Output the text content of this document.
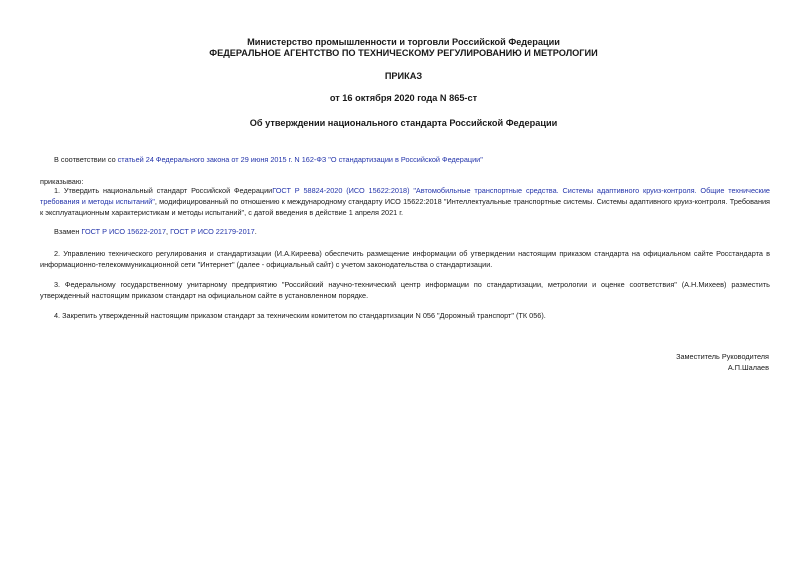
Министерство промышленности и торговли Российской Федерации
ФЕДЕРАЛЬНОЕ АГЕНТСТВО ПО ТЕХНИЧЕСКОМУ РЕГУЛИРОВАНИЮ И МЕТРОЛОГИИ
ПРИКАЗ
от 16 октября 2020 года N 865-ст
Об утверждении национального стандарта Российской Федерации
В соответствии со статьей 24 Федерального закона от 29 июня 2015 г. N 162-ФЗ "О стандартизации в Российской Федерации"
приказываю:
1. Утвердить национальный стандарт Российской ФедерацииГОСТ Р 58824-2020 (ИСО 15622:2018) "Автомобильные транспортные средства. Системы адаптивного круиз-контроля. Общие технические требования и методы испытаний", модифицированный по отношению к международному стандарту ИСО 15622:2018 "Интеллектуальные транспортные системы. Системы адаптивного круиз-контроля. Требования к эксплуатационным характеристикам и методы испытаний", с датой введения в действие 1 апреля 2021 г.
Взамен ГОСТ Р ИСО 15622-2017, ГОСТ Р ИСО 22179-2017.
2. Управлению технического регулирования и стандартизации (И.А.Киреева) обеспечить размещение информации об утверждении настоящим приказом стандарта на официальном сайте Росстандарта в информационно-телекоммуникационной сети "Интернет" (далее - официальный сайт) с учетом законодательства о стандартизации.
3. Федеральному государственному унитарному предприятию "Российский научно-технический центр информации по стандартизации, метрологии и оценке соответствия" (А.Н.Михеев) разместить утвержденный настоящим приказом стандарт на официальном сайте в установленном порядке.
4. Закрепить утвержденный настоящим приказом стандарт за техническим комитетом по стандартизации N 056 "Дорожный транспорт" (ТК 056).
Заместитель Руководителя
А.П.Шалаев
